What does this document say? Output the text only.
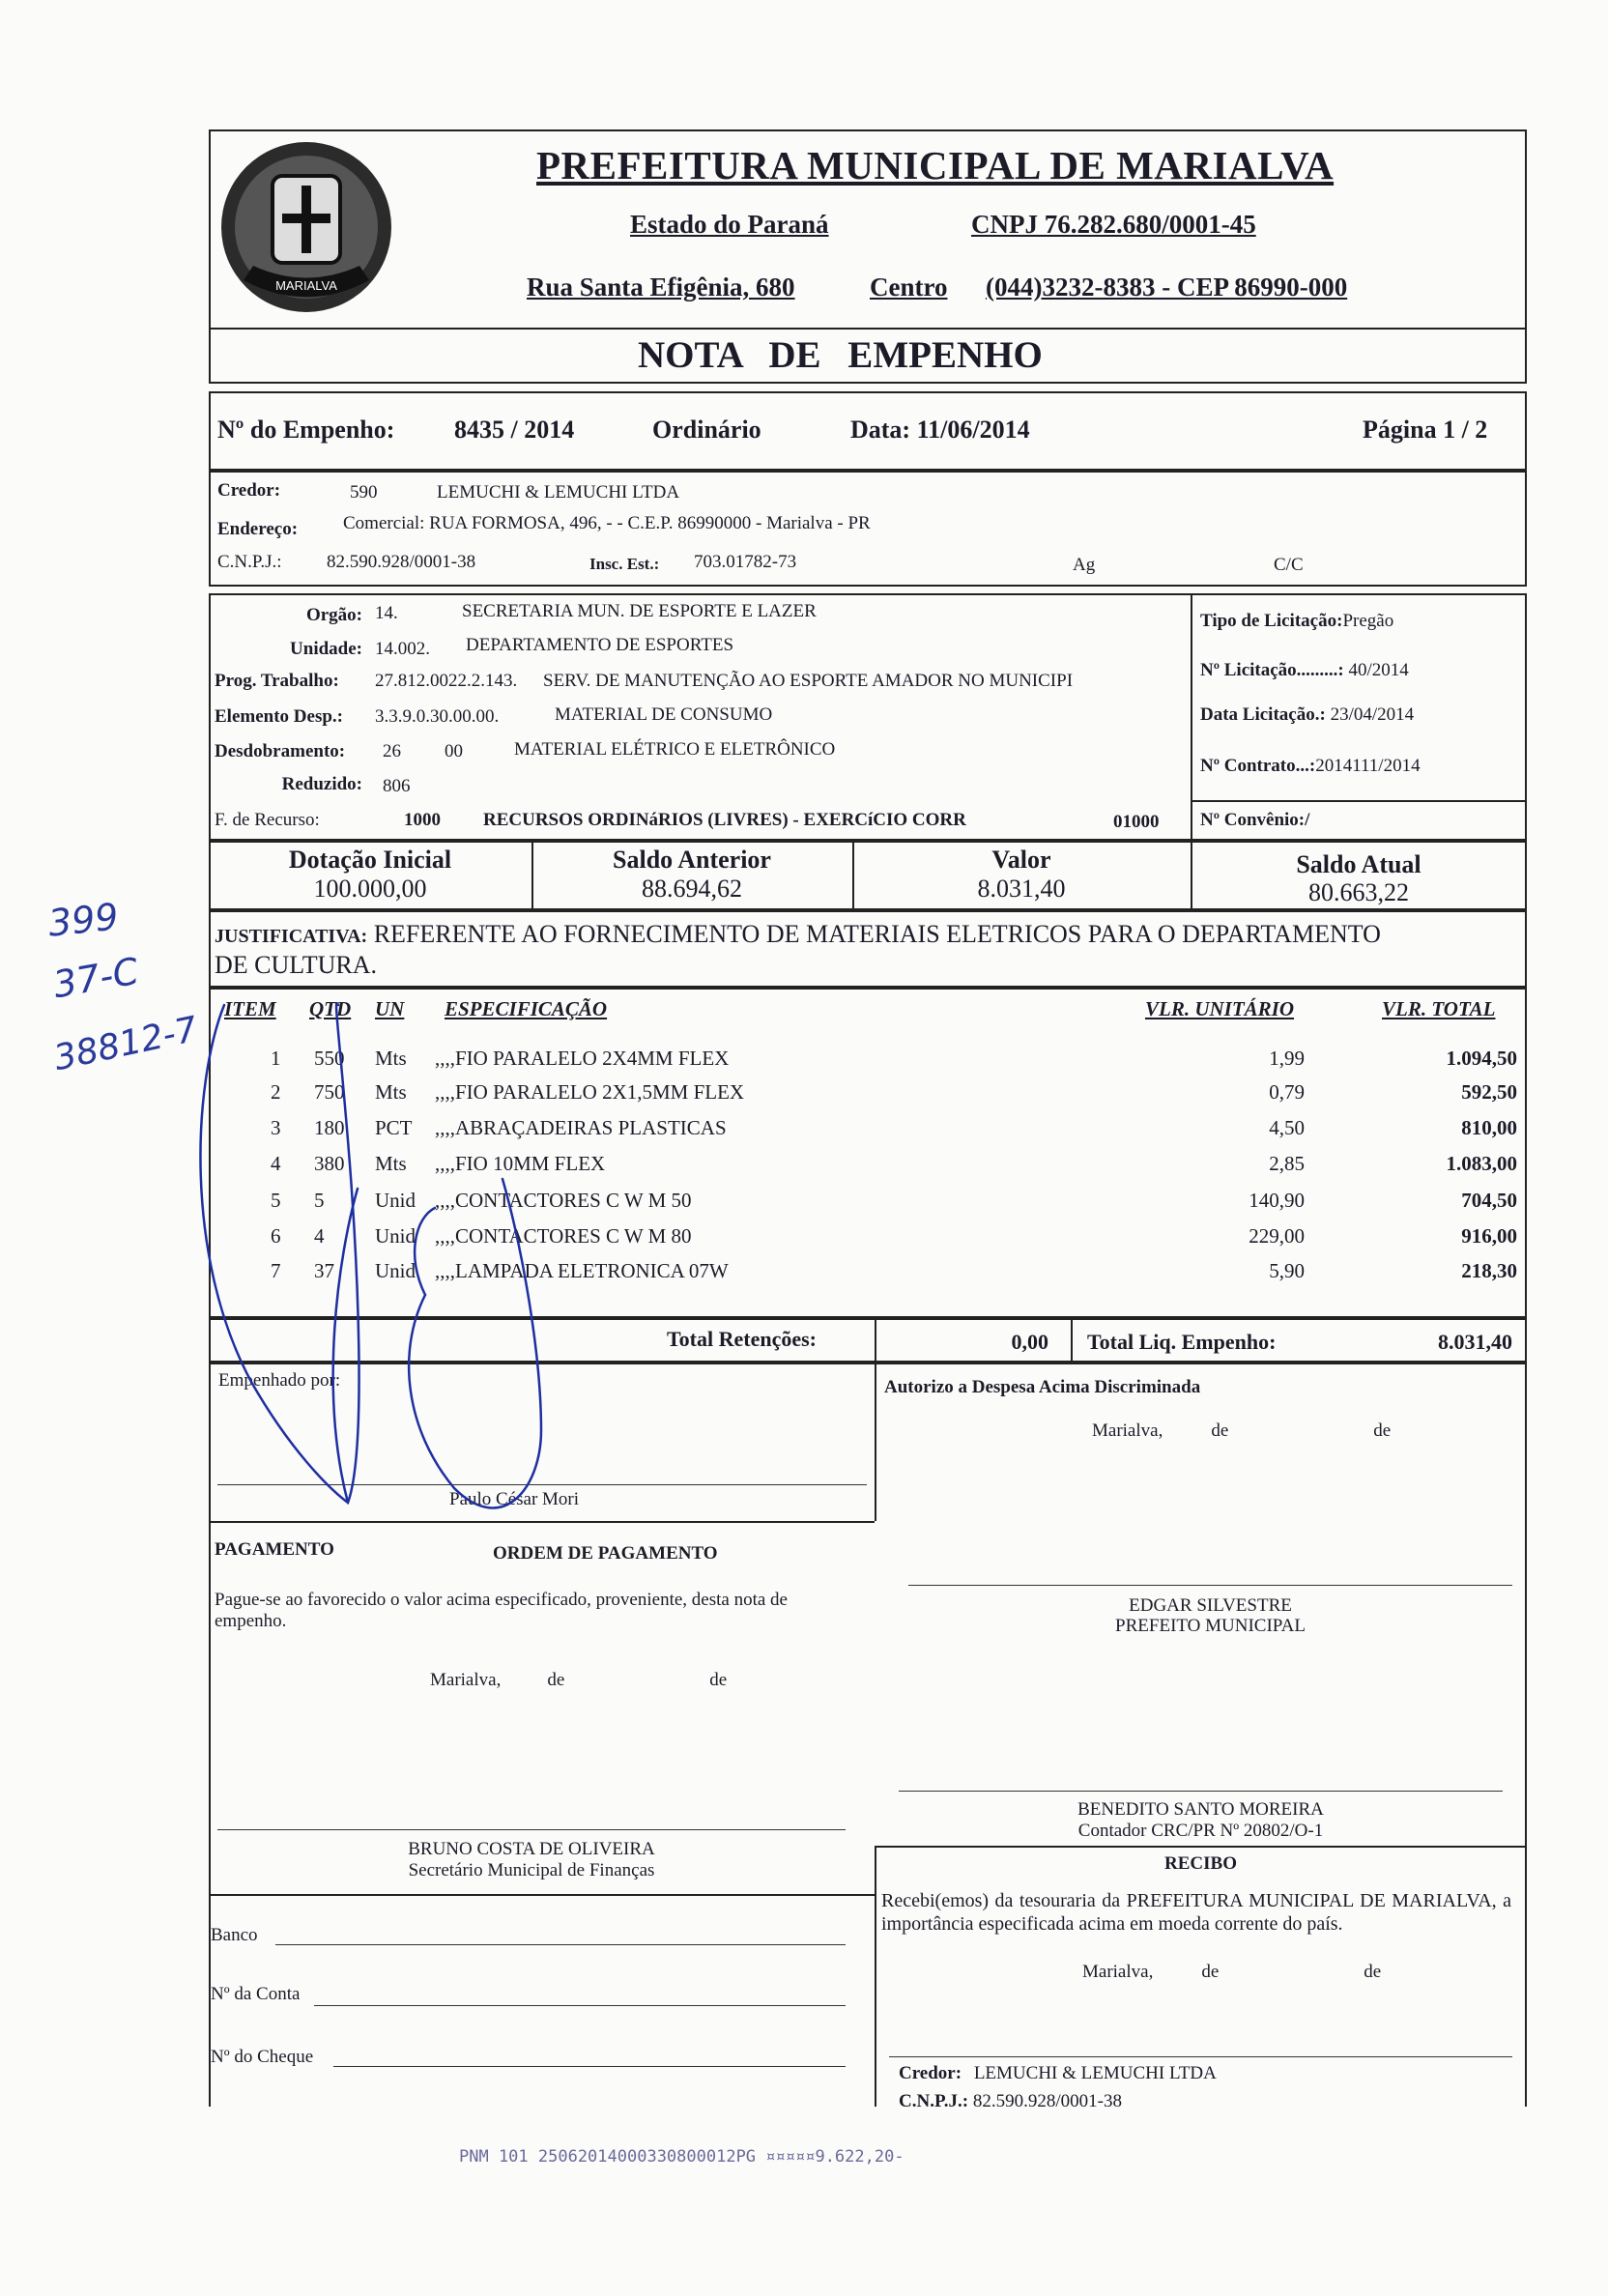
MARIALVA
PREFEITURA MUNICIPAL DE MARIALVA
Estado do Paraná	CNPJ 76.282.680/0001-45
Rua Santa Efigênia, 680	Centro (044)3232-8383 - CEP 86990-000
NOTA DE EMPENHO
Nº do Empenho: 8435 / 2014	Ordinário	Data: 11/06/2014	Página 1 / 2
Credor:	590	LEMUCHI & LEMUCHI LTDA
Endereço: Comercial: RUA FORMOSA, 496, - - C.E.P. 86990000 - Marialva - PR
C.N.P.J.: 82.590.928/0001-38	Insc. Est.: 703.01782-73	Ag	C/C
Orgão: 14.	SECRETARIA MUN. DE ESPORTE E LAZER
Unidade: 14.002. DEPARTAMENTO DE ESPORTES
Prog. Trabalho: 27.812.0022.2.143. SERV. DE MANUTENÇÃO AO ESPORTE AMADOR NO MUNICIPI
Elemento Desp.: 3.3.9.0.30.00.00.	MATERIAL DE CONSUMO
Desdobramento: 26 00	MATERIAL ELÉTRICO E ELETRÔNICO
Reduzido: 806
F. de Recurso:	1000 RECURSOS ORDINáRIOS (LIVRES) - EXERCíCIO CORR	01000
Tipo de Licitação:Pregão
Nº Licitação.........: 40/2014
Data Licitação.: 23/04/2014
Nº Contrato...:2014111/2014
Nº Convênio:/
Dotação Inicial
100.000,00
Saldo Anterior
88.694,62
Valor
8.031,40
Saldo Atual
80.663,22
JUSTIFICATIVA: REFERENTE AO FORNECIMENTO DE MATERIAIS ELETRICOS PARA O DEPARTAMENTO
DE CULTURA.
ITEM QTD UN ESPECIFICAÇÃO	VLR. UNITÁRIO	VLR. TOTAL
1 550 Mts ,,,,FIO PARALELO 2X4MM FLEX	1,99	1.094,50
2 750 Mts ,,,,FIO PARALELO 2X1,5MM FLEX	0,79	592,50
3 180 PCT ,,,,ABRAÇADEIRAS PLASTICAS	4,50	810,00
4 380 Mts ,,,,FIO 10MM FLEX	2,85	1.083,00
5 5	Unid ,,,,CONTACTORES C W M 50	140,90	704,50
6 4	Unid ,,,,CONTACTORES C W M 80	229,00	916,00
7 37 Unid ,,,,LAMPADA ELETRONICA 07W	5,90	218,30
Total Retenções:	0,00 Total Liq. Empenho:	8.031,40
Empenhado por:
Paulo César Mori
Autorizo a Despesa Acima Discriminada
Marialva,	de	de
PAGAMENTO	ORDEM DE PAGAMENTO
Pague-se ao favorecido o valor acima especificado, proveniente, desta nota de empenho.
Marialva,	de	de
EDGAR SILVESTRE
PREFEITO MUNICIPAL
BENEDITO SANTO MOREIRA
Contador CRC/PR Nº 20802/O-1
BRUNO COSTA DE OLIVEIRA
Secretário Municipal de Finanças	RECIBO
Recebi(emos) da tesouraria da PREFEITURA MUNICIPAL DE MARIALVA, a importância especificada acima em moeda corrente do país.
Marialva,	de	de
Banco
Nº da Conta
Nº do Cheque
Credor: LEMUCHI & LEMUCHI LTDA
C.N.P.J.: 82.590.928/0001-38
PNM 101 25062014000330800012PG ¤¤¤¤¤9.622,20-
399
37-C
38812-7
